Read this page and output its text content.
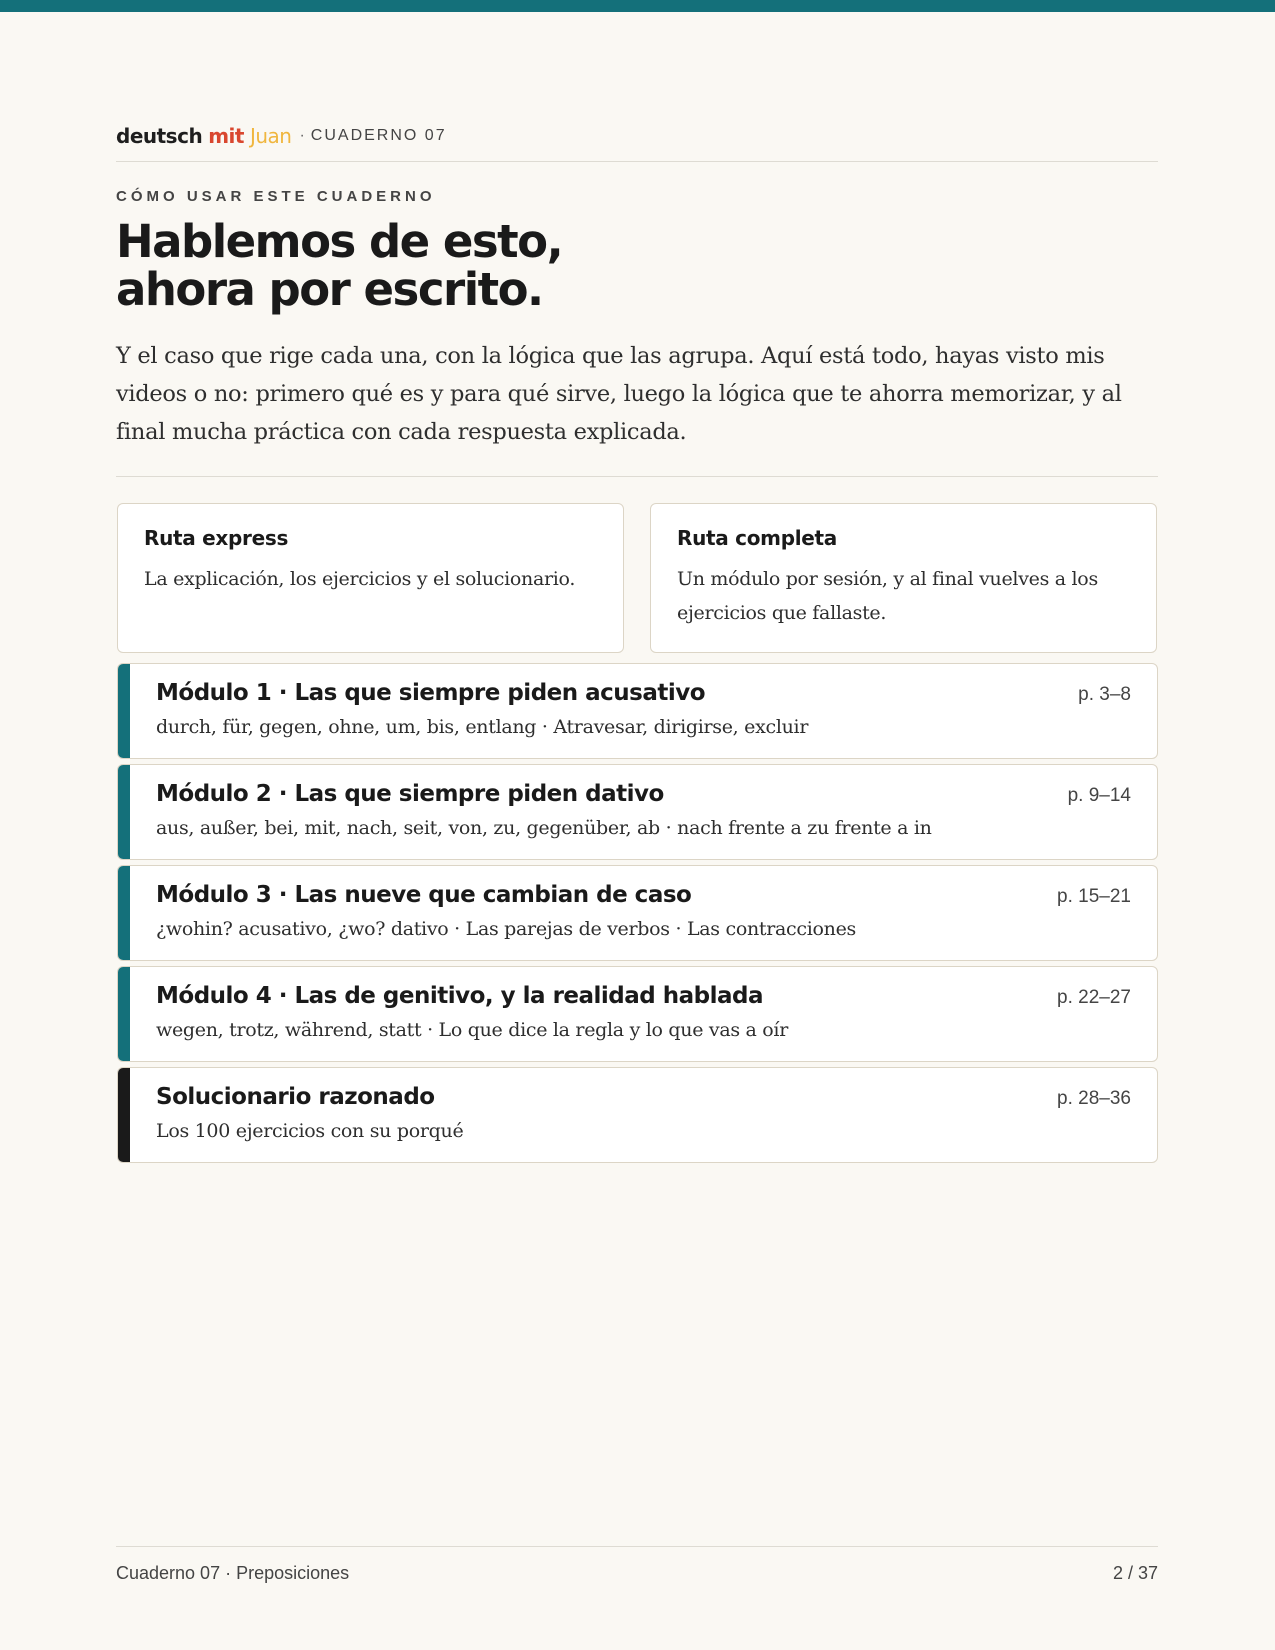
deutsch mit Juan · CUADERNO 07
CÓMO USAR ESTE CUADERNO
Hablemos de esto,
ahora por escrito.

Y el caso que rige cada una, con la lógica que las agrupa. Aquí está todo, hayas visto mis videos o no: primero qué es y para qué sirve, luego la lógica que te ahorra memorizar, y al final mucha práctica con cada respuesta explicada.

Ruta express
La explicación, los ejercicios y el solucionario.
Ruta completa
Un módulo por sesión, y al final vuelves a los ejercicios que fallaste.
Módulo 1 · Las que siempre piden acusativo
durch, für, gegen, ohne, um, bis, entlang · Atravesar, dirigirse, excluir
p. 3–8
Módulo 2 · Las que siempre piden dativo
aus, außer, bei, mit, nach, seit, von, zu, gegenüber, ab · nach frente a zu frente a in
p. 9–14
Módulo 3 · Las nueve que cambian de caso
¿wohin? acusativo, ¿wo? dativo · Las parejas de verbos · Las contracciones
p. 15–21
Módulo 4 · Las de genitivo, y la realidad hablada
wegen, trotz, während, statt · Lo que dice la regla y lo que vas a oír
p. 22–27
Solucionario razonado
Los 100 ejercicios con su porqué
p. 28–36
Cuaderno 07 · Preposiciones	2 / 37
